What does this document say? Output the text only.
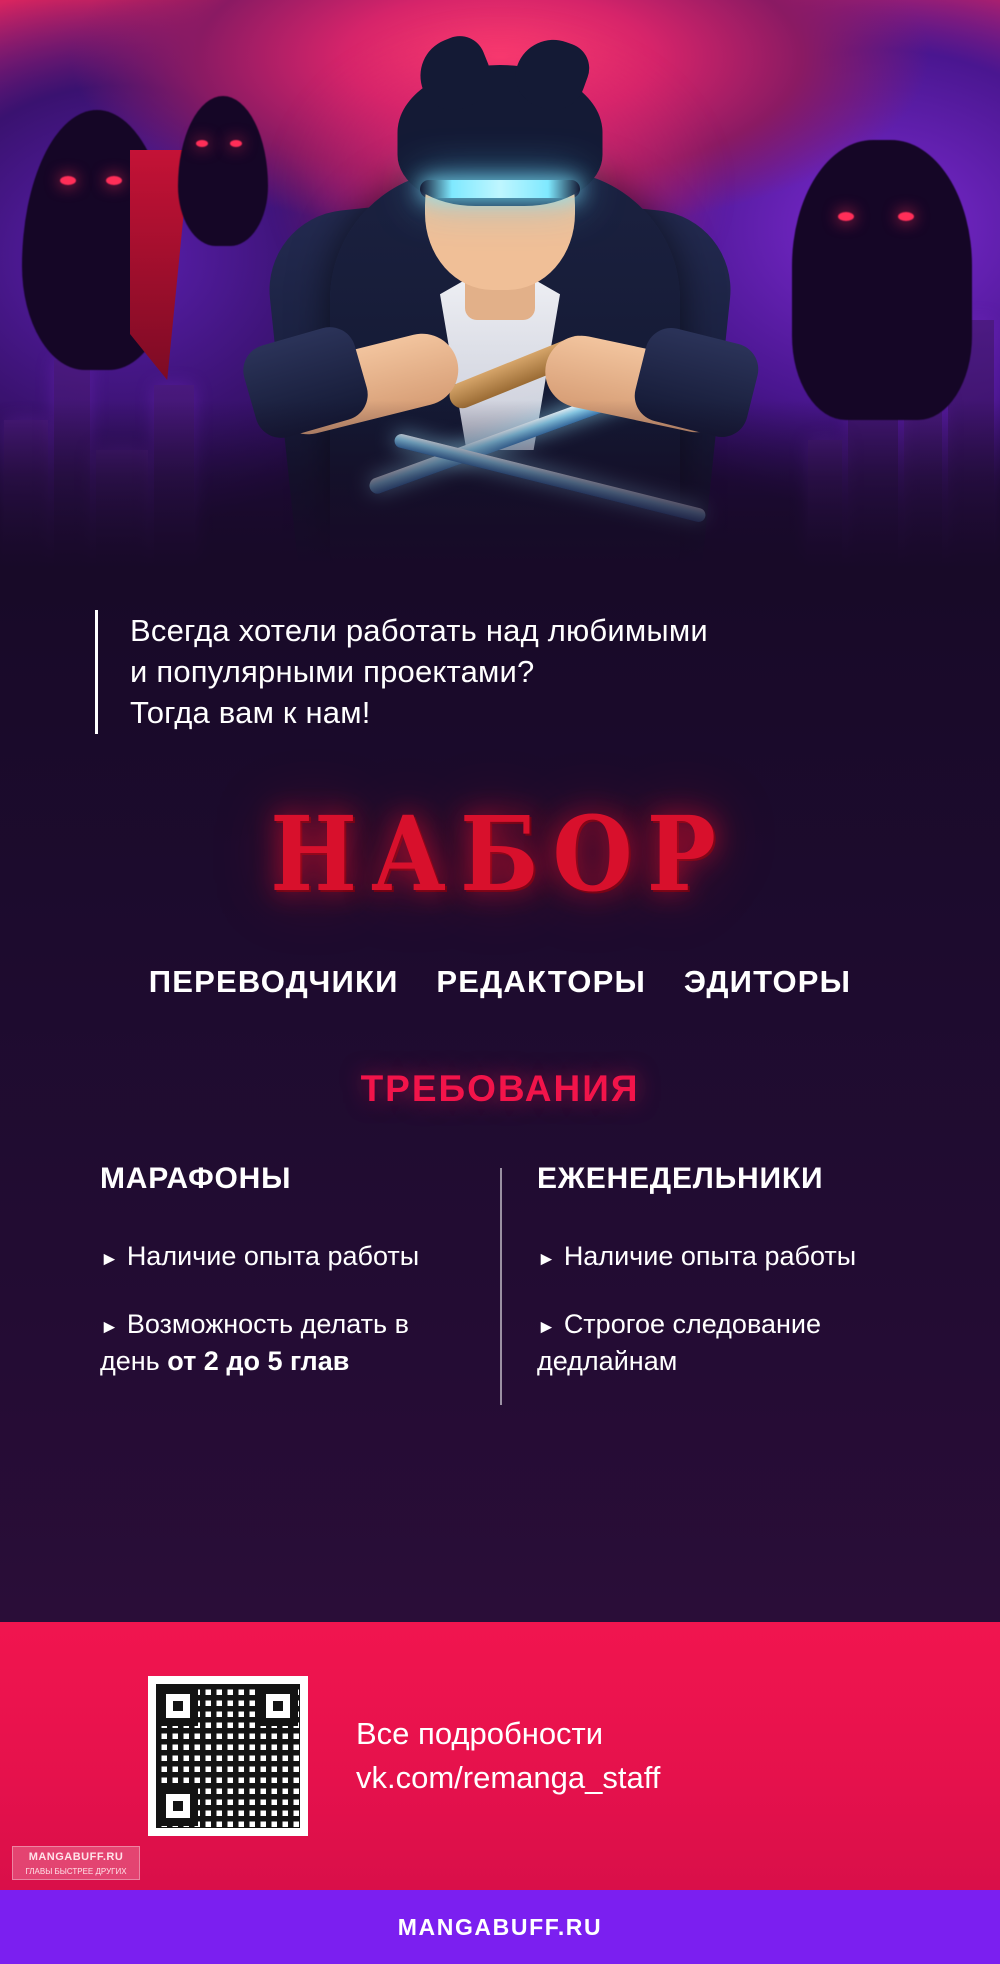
Всегда хотели работать над любимыми

и популярными проектами?

Тогда вам к нам!

НАБОР
ПЕРЕВОДЧИКИ РЕДАКТОРЫ ЭДИТОРЫ
ТРЕБОВАНИЯ
МАРАФОНЫ
► Наличие опыта работы
► Возможность делать в день от 2 до 5 глав
ЕЖЕНЕДЕЛЬНИКИ
► Наличие опыта работы
► Строгое следование дедлайнам
Все подробности
vk.com/remanga_staff
MANGABUFF.RU
ГЛАВЫ БЫСТРЕЕ ДРУГИХ
MANGABUFF.RU
